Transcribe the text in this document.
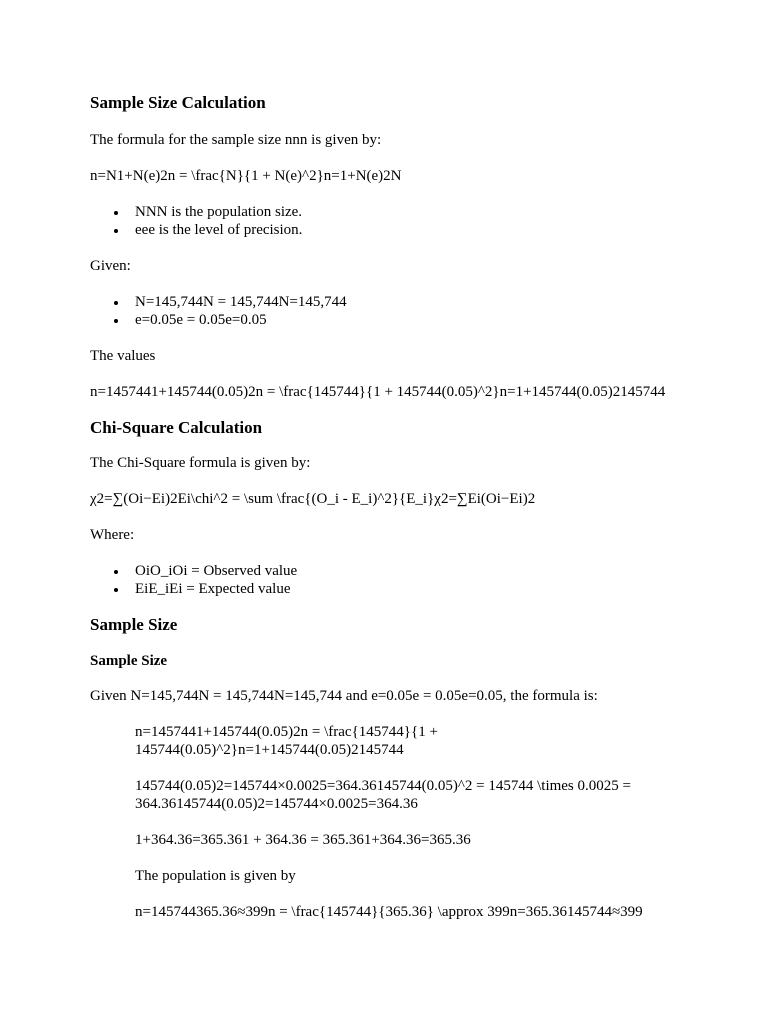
Sample Size Calculation

The formula for the sample size nnn is given by:

n=N1+N(e)2n = \frac{N}{1 + N(e)^2}n=1+N(e)2N

NNN is the population size.
eee is the level of precision.

Given:

N=145,744N = 145,744N=145,744
e=0.05e = 0.05e=0.05

The values

n=1457441+145744(0.05)2n = \frac{145744}{1 + 145744(0.05)^2}n=1+145744(0.05)2145744

Chi-Square Calculation

The Chi-Square formula is given by:

χ2=∑(Oi−Ei)2Ei\chi^2 = \sum \frac{(O_i - E_i)^2}{E_i}χ2=∑Ei(Oi−Ei)2

Where:

OiO_iOi = Observed value
EiE_iEi = Expected value
Sample Size
Sample Size

Given N=145,744N = 145,744N=145,744 and e=0.05e = 0.05e=0.05, the formula is:

n=1457441+145744(0.05)2n = \frac{145744}{1 + 145744(0.05)^2}n=1+145744(0.05)2145744

145744(0.05)2=145744×0.0025=364.36145744(0.05)^2 = 145744 \times 0.0025 = 364.36145744(0.05)2=145744×0.0025=364.36

1+364.36=365.361 + 364.36 = 365.361+364.36=365.36

The population is given by

n=145744365.36≈399n = \frac{145744}{365.36} \approx 399n=365.36145744≈399
